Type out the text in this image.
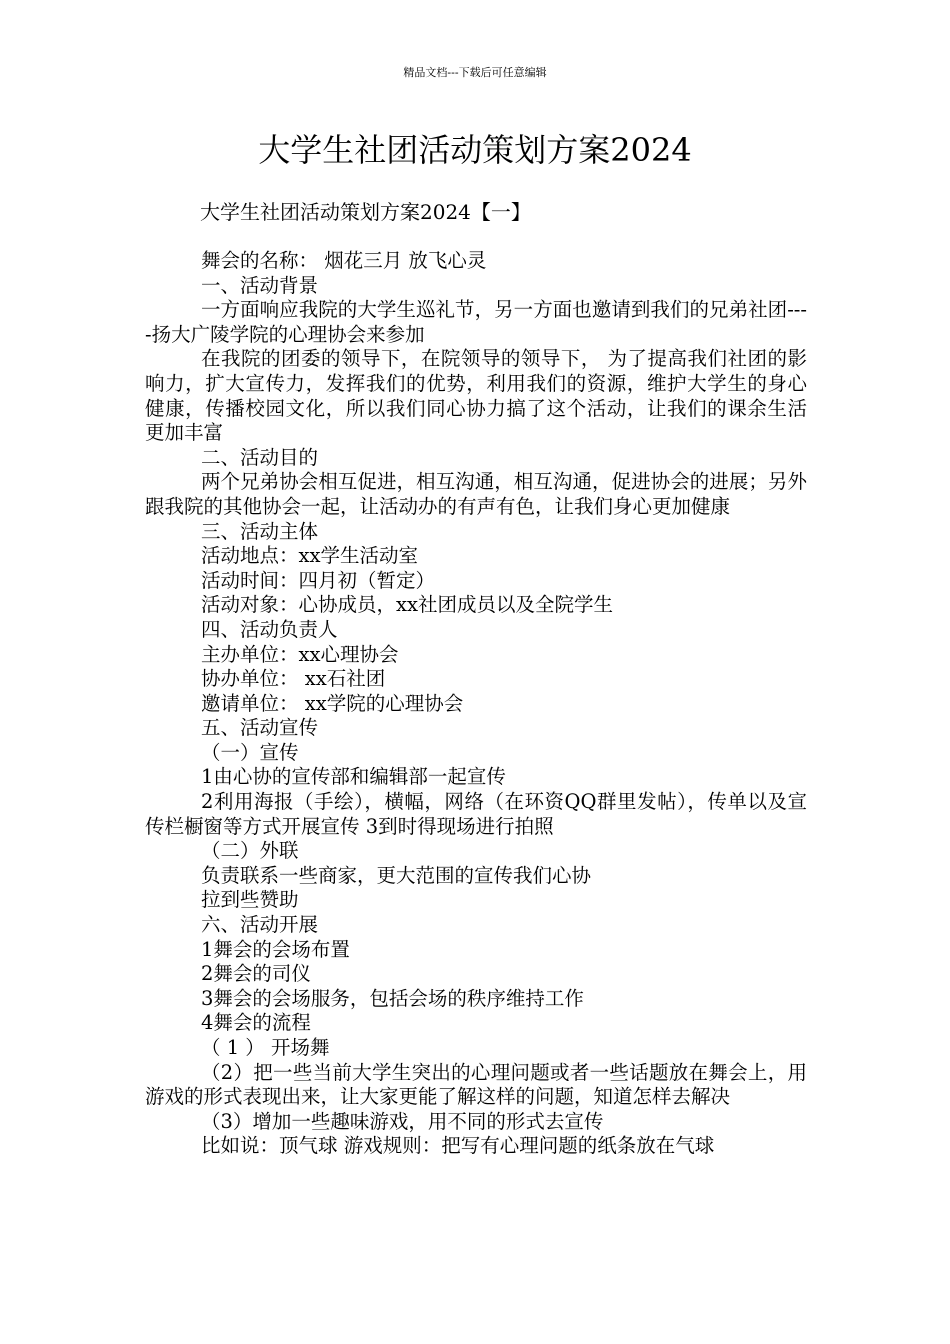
精品文档---下载后可任意编辑
大学生社团活动策划方案2024
大学生社团活动策划方案2024【一】

舞会的名称： 烟花三月 放飞心灵

一、活动背景

一方面响应我院的大学生巡礼节，另一方面也邀请到我们的兄弟社团----扬大广陵学院的心理协会来参加

在我院的团委的领导下，在院领导的领导下， 为了提高我们社团的影响力，扩大宣传力，发挥我们的优势，利用我们的资源，维护大学生的身心健康，传播校园文化，所以我们同心协力搞了这个活动，让我们的课余生活更加丰富

二、活动目的

两个兄弟协会相互促进，相互沟通，相互沟通，促进协会的进展；另外跟我院的其他协会一起，让活动办的有声有色，让我们身心更加健康

三、活动主体

活动地点：xx学生活动室

活动时间：四月初（暂定）

活动对象：心协成员，xx社团成员以及全院学生

四、活动负责人

主办单位：xx心理协会

协办单位： xx石社团

邀请单位： xx学院的心理协会

五、活动宣传

（一）宣传

1由心协的宣传部和编辑部一起宣传

2利用海报（手绘），横幅，网络（在环资QQ群里发帖），传单以及宣传栏橱窗等方式开展宣传 3到时得现场进行拍照

（二）外联

负责联系一些商家，更大范围的宣传我们心协

拉到些赞助

六、活动开展

1舞会的会场布置

2舞会的司仪

3舞会的会场服务，包括会场的秩序维持工作

4舞会的流程

（ 1 ） 开场舞

（2）把一些当前大学生突出的心理问题或者一些话题放在舞会上，用游戏的形式表现出来，让大家更能了解这样的问题，知道怎样去解决

（3）增加一些趣味游戏，用不同的形式去宣传

比如说：顶气球 游戏规则：把写有心理问题的纸条放在气球
